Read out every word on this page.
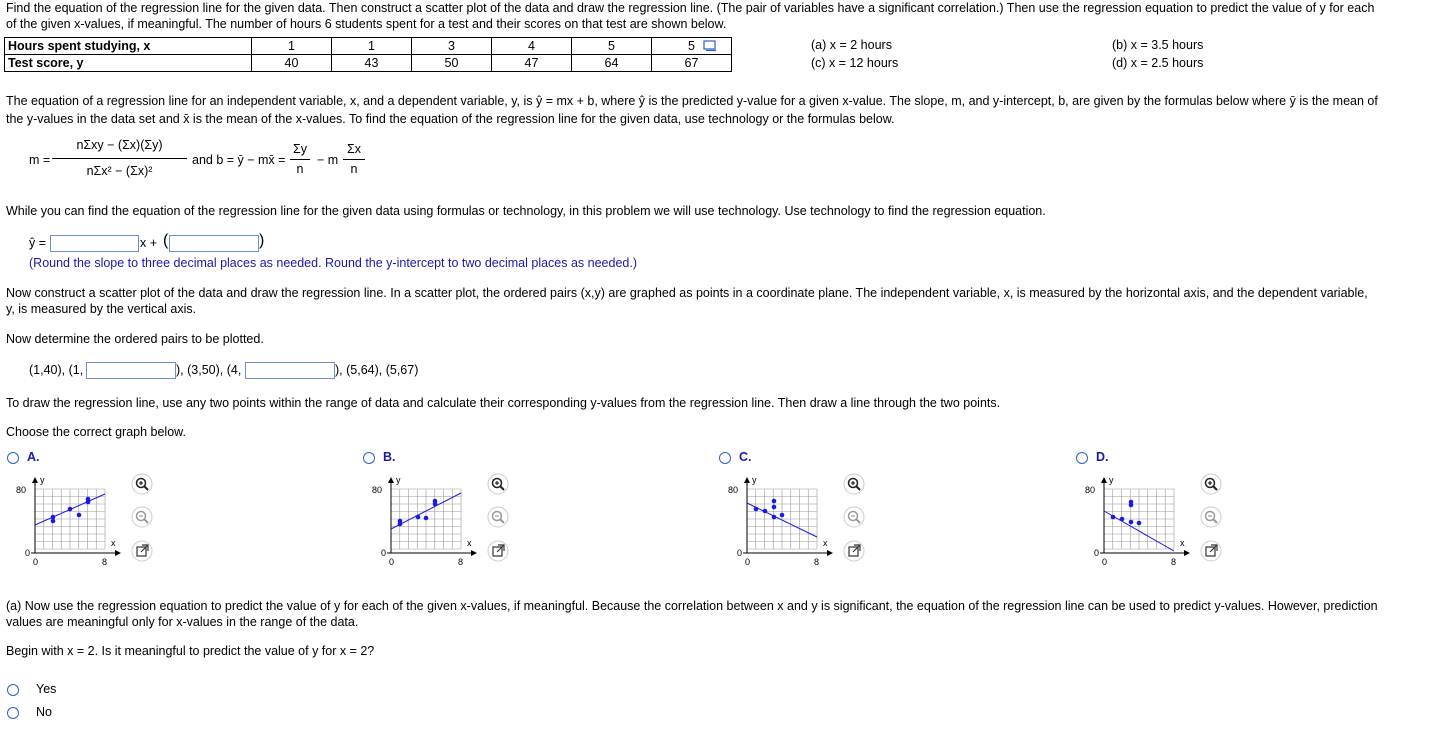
Find the equation of the regression line for the given data. Then construct a scatter plot of the data and draw the regression line. (The pair of variables have a significant correlation.) Then use the regression equation to predict the value of y for each
of the given x-values, if meaningful. The number of hours 6 students spent for a test and their scores on that test are shown below.
Hours spent studying, x	1	1	3	4	5	5
Test score, y	40	43	50	47	64	67
(a) x = 2 hours
(c) x = 12 hours
(b) x = 3.5 hours
(d) x = 2.5 hours
The equation of a regression line for an independent variable, x, and a dependent variable, y, is ŷ = mx + b, where ŷ is the predicted y-value for a given x-value. The slope, m, and y-intercept, b, are given by the formulas below where ȳ is the mean of
the y-values in the data set and x̄ is the mean of the x-values. To find the equation of the regression line for the given data, use technology or the formulas below.
m =
nΣxy − (Σx)(Σy)
nΣx² − (Σx)²
and b = ȳ − mx̄ =
Σy
n
− m
Σx
n
While you can find the equation of the regression line for the given data using formulas or technology, in this problem we will use technology. Use technology to find the regression equation.
ŷ =	x + (	)
(Round the slope to three decimal places as needed. Round the y-intercept to two decimal places as needed.)
Now construct a scatter plot of the data and draw the regression line. In a scatter plot, the ordered pairs (x,y) are graphed as points in a coordinate plane. The independent variable, x, is measured by the horizontal axis, and the dependent variable,
y, is measured by the vertical axis.
Now determine the ordered pairs to be plotted.
(1,40), (1,	), (3,50), (4,	), (5,64), (5,67)
To draw the regression line, use any two points within the range of data and calculate their corresponding y-values from the regression line. Then draw a line through the two points.
Choose the correct graph below.
A.
80
0
0	8
x
y
B.
80
0
0	8
x
y
C.
80
0
0	8
x
y
D.
80
0
0	8
x
y
(a) Now use the regression equation to predict the value of y for each of the given x-values, if meaningful. Because the correlation between x and y is significant, the equation of the regression line can be used to predict y-values. However, prediction
values are meaningful only for x-values in the range of the data.
Begin with x = 2. Is it meaningful to predict the value of y for x = 2?
Yes
No
